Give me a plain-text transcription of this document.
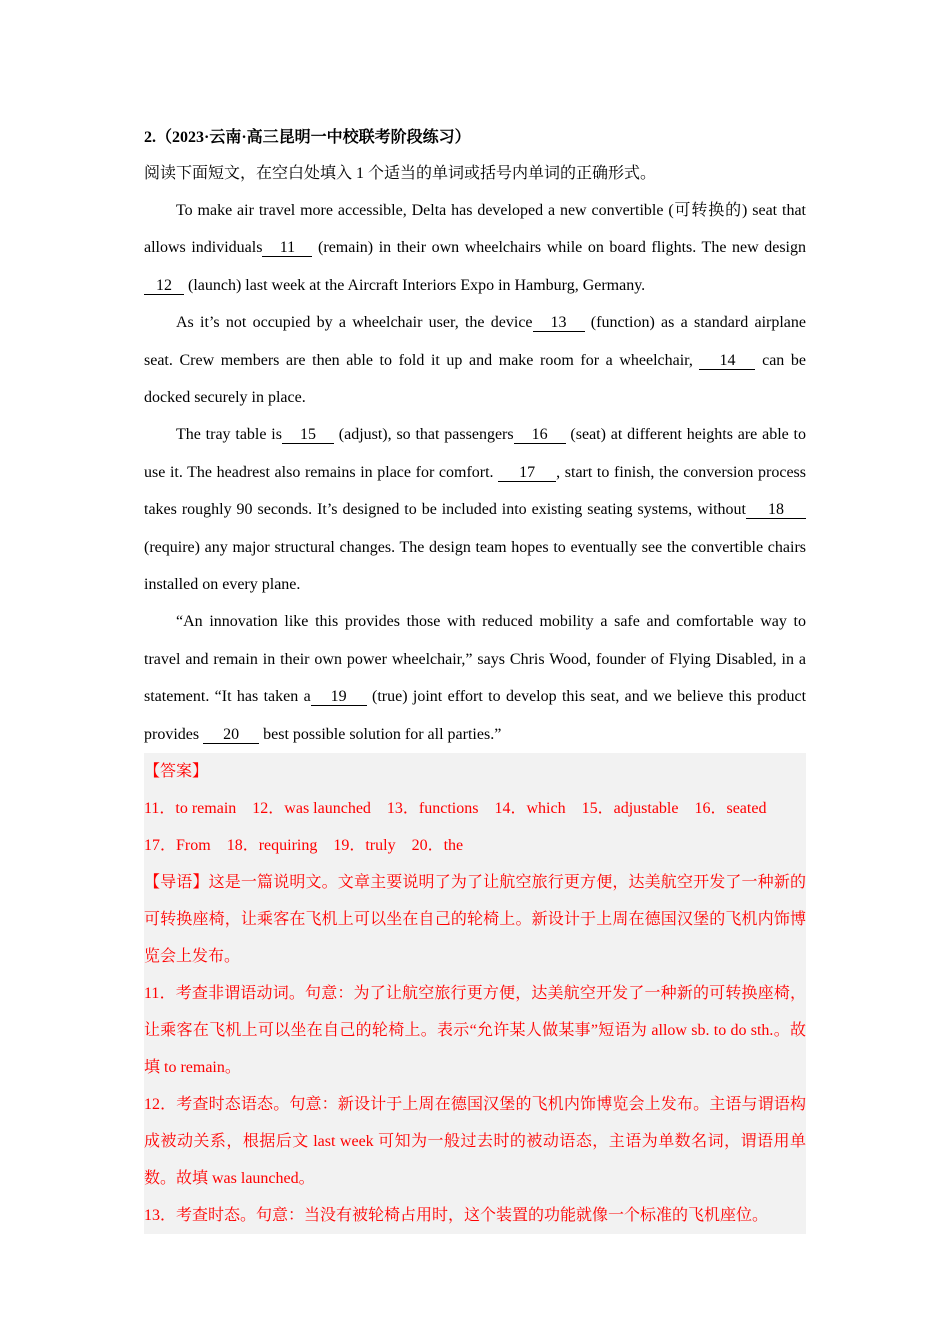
2.（2023·云南·高三昆明一中校联考阶段练习）
阅读下面短文，在空白处填入 1 个适当的单词或括号内单词的正确形式。

To make air travel more accessible, Delta has developed a new convertible (可转换的) seat that allows individuals 11 (remain) in their own wheelchairs while on board flights. The new design12 (launch) last week at the Aircraft Interiors Expo in Hamburg, Germany.

As it’s not occupied by a wheelchair user, the device 13 (function) as a standard airplane seat. Crew members are then able to fold it up and make room for a wheelchair, 14 can be docked securely in place.

The tray table is 15 (adjust), so that passengers 16 (seat) at different heights are able to use it. The headrest also remains in place for comfort. 17 , start to finish, the conversion process takes roughly 90 seconds. It’s designed to be included into existing seating systems, without 18 (require) any major structural changes. The design team hopes to eventually see the convertible chairs installed on every plane.

“An innovation like this provides those with reduced mobility a safe and comfortable way to travel and remain in their own power wheelchair,” says Chris Wood, founder of Flying Disabled, in a statement. “It has taken a 19 (true) joint effort to develop this seat, and we believe this product provides 20 best possible solution for all parties.”

【答案】
11．to remain 12．was launched 13．functions 14．which 15．adjustable 16．seated
17．From 18．requiring 19．truly 20．the

【导语】这是一篇说明文。文章主要说明了为了让航空旅行更方便，达美航空开发了一种新的可转换座椅，让乘客在飞机上可以坐在自己的轮椅上。新设计于上周在德国汉堡的飞机内饰博览会上发布。

11．考查非谓语动词。句意：为了让航空旅行更方便，达美航空开发了一种新的可转换座椅，让乘客在飞机上可以坐在自己的轮椅上。表示“允许某人做某事”短语为 allow sb. to do sth.。故填 to remain。

12．考查时态语态。句意：新设计于上周在德国汉堡的飞机内饰博览会上发布。主语与谓语构成被动关系，根据后文 last week 可知为一般过去时的被动语态，主语为单数名词，谓语用单数。故填 was launched。

13．考查时态。句意：当没有被轮椅占用时，这个装置的功能就像一个标准的飞机座位。
